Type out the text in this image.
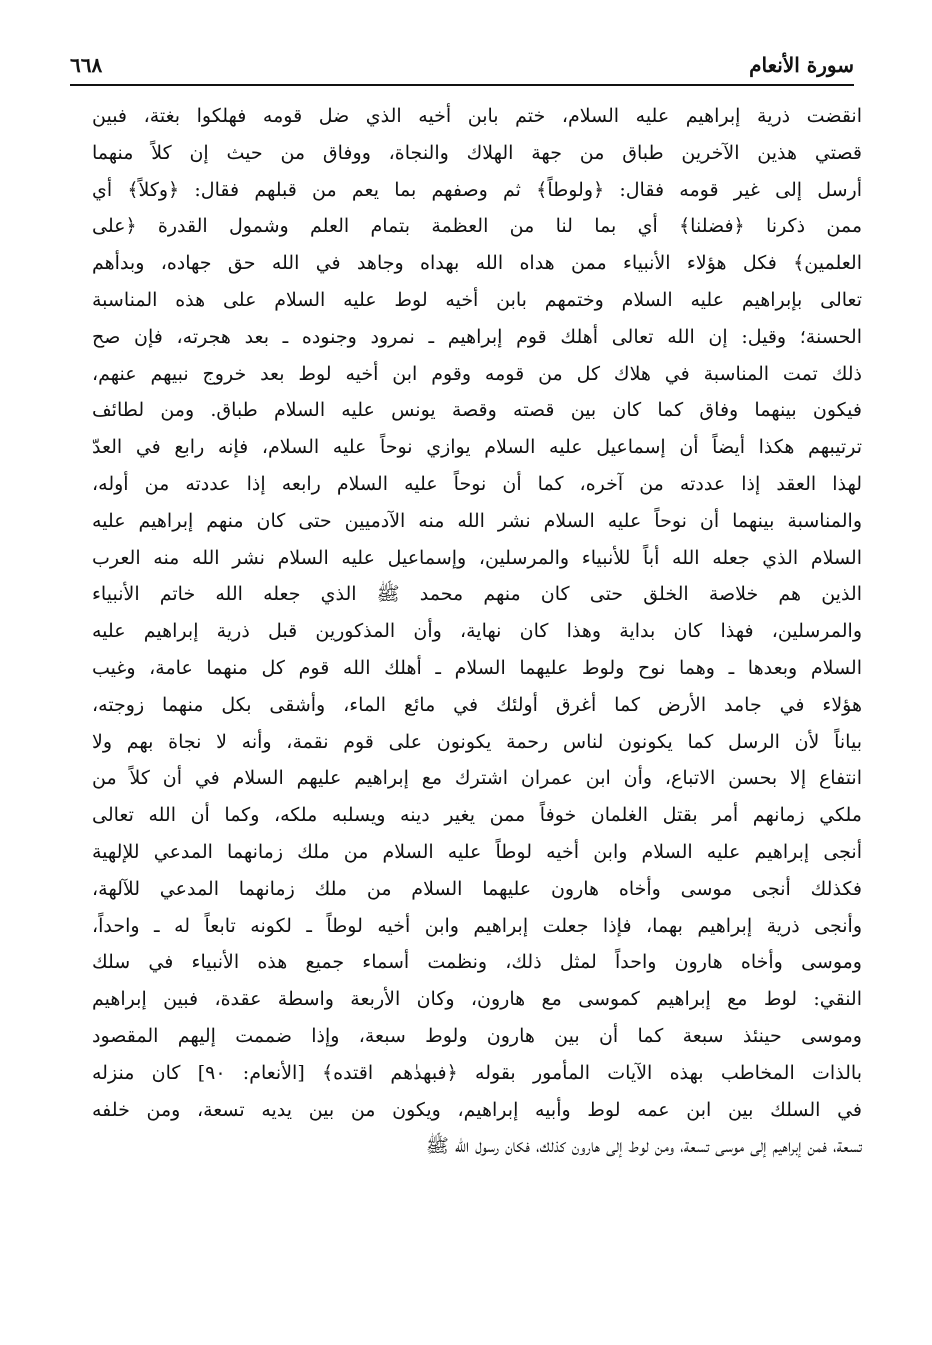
سورة الأنعام
٦٦٨
انقضت ذرية إبراهيم عليه السلام، ختم بابن أخيه الذي ضل قومه فهلكوا بغتة، فبين
قصتي هذين الآخرين طباق من جهة الهلاك والنجاة، ووفاق من حيث إن كلاً منهما
أرسل إلى غير قومه فقال: ﴿ولوطاً﴾ ثم وصفهم بما يعم من قبلهم فقال: ﴿وكلاً﴾ أي
ممن ذكرنا ﴿فضلنا﴾ أي بما لنا من العظمة بتمام العلم وشمول القدرة ﴿على
العلمين﴾ فكل هؤلاء الأنبياء ممن هداه الله بهداه وجاهد في الله حق جهاده، وبدأهم
تعالى بإبراهيم عليه السلام وختمهم بابن أخيه لوط عليه السلام على هذه المناسبة
الحسنة؛ وقيل: إن الله تعالى أهلك قوم إبراهيم ـ نمرود وجنوده ـ بعد هجرته، فإن صح
ذلك تمت المناسبة في هلاك كل من قومه وقوم ابن أخيه لوط بعد خروج نبيهم عنهم،
فيكون بينهما وفاق كما كان بين قصته وقصة يونس عليه السلام طباق. ومن لطائف
ترتيبهم هكذا أيضاً أن إسماعيل عليه السلام يوازي نوحاً عليه السلام، فإنه رابع في العدّ
لهذا العقد إذا عددته من آخره، كما أن نوحاً عليه السلام رابعه إذا عددته من أوله،
والمناسبة بينهما أن نوحاً عليه السلام نشر الله منه الآدميين حتى كان منهم إبراهيم عليه
السلام الذي جعله الله أباً للأنبياء والمرسلين، وإسماعيل عليه السلام نشر الله منه العرب
الذين هم خلاصة الخلق حتى كان منهم محمد ﷺ الذي جعله الله خاتم الأنبياء
والمرسلين، فهذا كان بداية وهذا كان نهاية، وأن المذكورين قبل ذرية إبراهيم عليه
السلام وبعدها ـ وهما نوح ولوط عليهما السلام ـ أهلك الله قوم كل منهما عامة، وغيب
هؤلاء في جامد الأرض كما أغرق أولئك في مائع الماء، وأشقى بكل منهما زوجته،
بياناً لأن الرسل كما يكونون لناس رحمة يكونون على قوم نقمة، وأنه لا نجاة بهم ولا
انتفاع إلا بحسن الاتباع، وأن ابن عمران اشترك مع إبراهيم عليهم السلام في أن كلاً من
ملكي زمانهم أمر بقتل الغلمان خوفاً ممن يغير دينه ويسلبه ملكه، وكما أن الله تعالى
أنجى إبراهيم عليه السلام وابن أخيه لوطاً عليه السلام من ملك زمانهما المدعي للإلهية
فكذلك أنجى موسى وأخاه هارون عليهما السلام من ملك زمانهما المدعي للآلهة،
وأنجى ذرية إبراهيم بهما، فإذا جعلت إبراهيم وابن أخيه لوطاً ـ لكونه تابعاً له ـ واحداً،
وموسى وأخاه هارون واحداً لمثل ذلك، ونظمت أسماء جميع هذه الأنبياء في سلك
النقي: لوط مع إبراهيم كموسى مع هارون، وكان الأربعة واسطة عقدة، فبين إبراهيم
وموسى حينئذ سبعة كما أن بين هارون ولوط سبعة، وإذا ضممت إليهم المقصود
بالذات المخاطب بهذه الآيات المأمور بقوله ﴿فبهدٰهم اقتده﴾ [الأنعام: ٩٠] كان منزله
في السلك بين ابن عمه لوط وأبيه إبراهيم، ويكون من بين يديه تسعة، ومن خلفه
تسعة، فمن إبراهيم إلى موسى تسعة، ومن لوط إلى هارون كذلك، فكان رسول الله ﷺ
